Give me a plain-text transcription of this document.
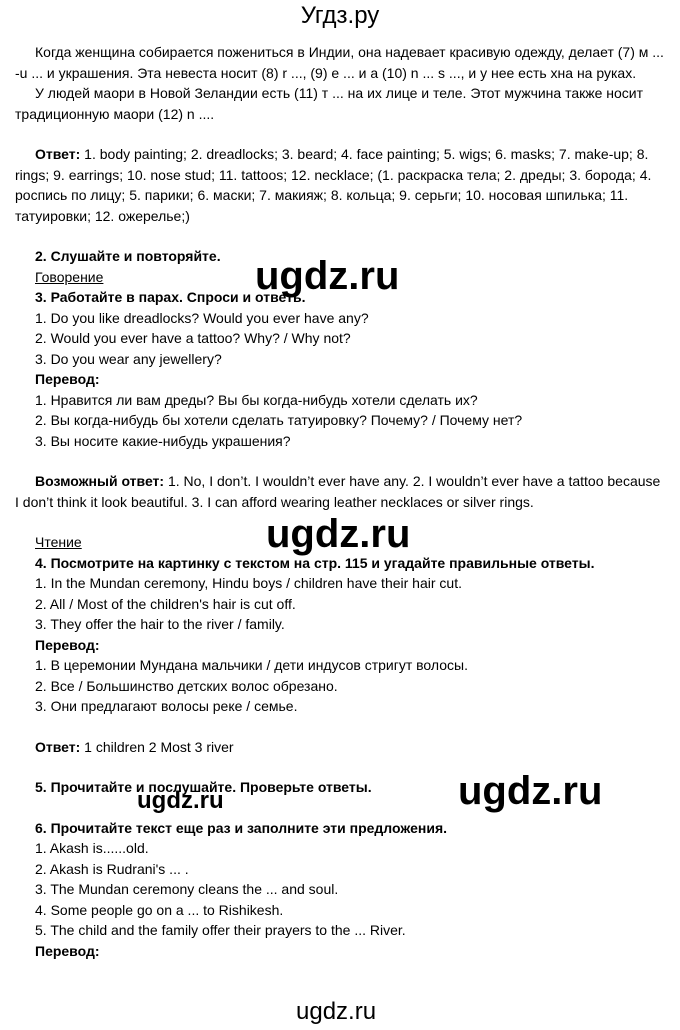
Угдз.ру

Когда женщина собирается пожениться в Индии, она надевает красивую одежду, делает (7) м ... -u ... и украшения. Эта невеста носит (8) r ..., (9) e ... и a (10) n ... s ..., и у нее есть хна на руках.

У людей маори в Новой Зеландии есть (11) т ... на их лице и теле. Этот мужчина также носит традиционную маори (12) n ....

Ответ: 1. body painting; 2. dreadlocks; 3. beard; 4. face painting; 5. wigs; 6. masks; 7. make-up; 8. rings; 9. earrings; 10. nose stud; 11. tattoos; 12. necklace; (1. раскраска тела; 2. дреды; 3. борода; 4. роспись по лицу; 5. парики; 6. маски; 7. макияж; 8. кольца; 9. серьги; 10. носовая шпилька; 11. татуировки; 12. ожерелье;)

2. Слушайте и повторяйте.

Говорение

3. Работайте в парах. Спроси и ответь.

1. Do you like dreadlocks? Would you ever have any?

2. Would you ever have a tattoo? Why? / Why not?

3. Do you wear any jewellery?

Перевод:

1. Нравится ли вам дреды? Вы бы когда-нибудь хотели сделать их?

2. Вы когда-нибудь бы хотели сделать татуировку? Почему? / Почему нет?

3. Вы носите какие-нибудь украшения?

Возможный ответ: 1. No, I don’t. I wouldn’t ever have any. 2. I wouldn’t ever have a tattoo because I don’t think it look beautiful. 3. I can afford wearing leather necklaces or silver rings.

Чтение

4. Посмотрите на картинку с текстом на стр. 115 и угадайте правильные ответы.

1. In the Mundan ceremony, Hindu boys / children have their hair cut.

2. All / Most of the children's hair is cut off.

3. They offer the hair to the river / family.

Перевод:

1. В церемонии Мундана мальчики / дети индусов стригут волосы.

2. Все / Большинство детских волос обрезано.

3. Они предлагают волосы реке / семье.

Ответ: 1 children 2 Most 3 river

5. Прочитайте и послушайте. Проверьте ответы.

6. Прочитайте текст еще раз и заполните эти предложения.

1. Akash is......old.

2. Akash is Rudrani's ... .

3. The Mundan ceremony cleans the ... and soul.

4. Some people go on a ... to Rishikesh.

5. The child and the family offer their prayers to the ... River.

Перевод:

ugdz.ru
ugdz.ru
ugdz.ru
ugdz.ru
ugdz.ru
